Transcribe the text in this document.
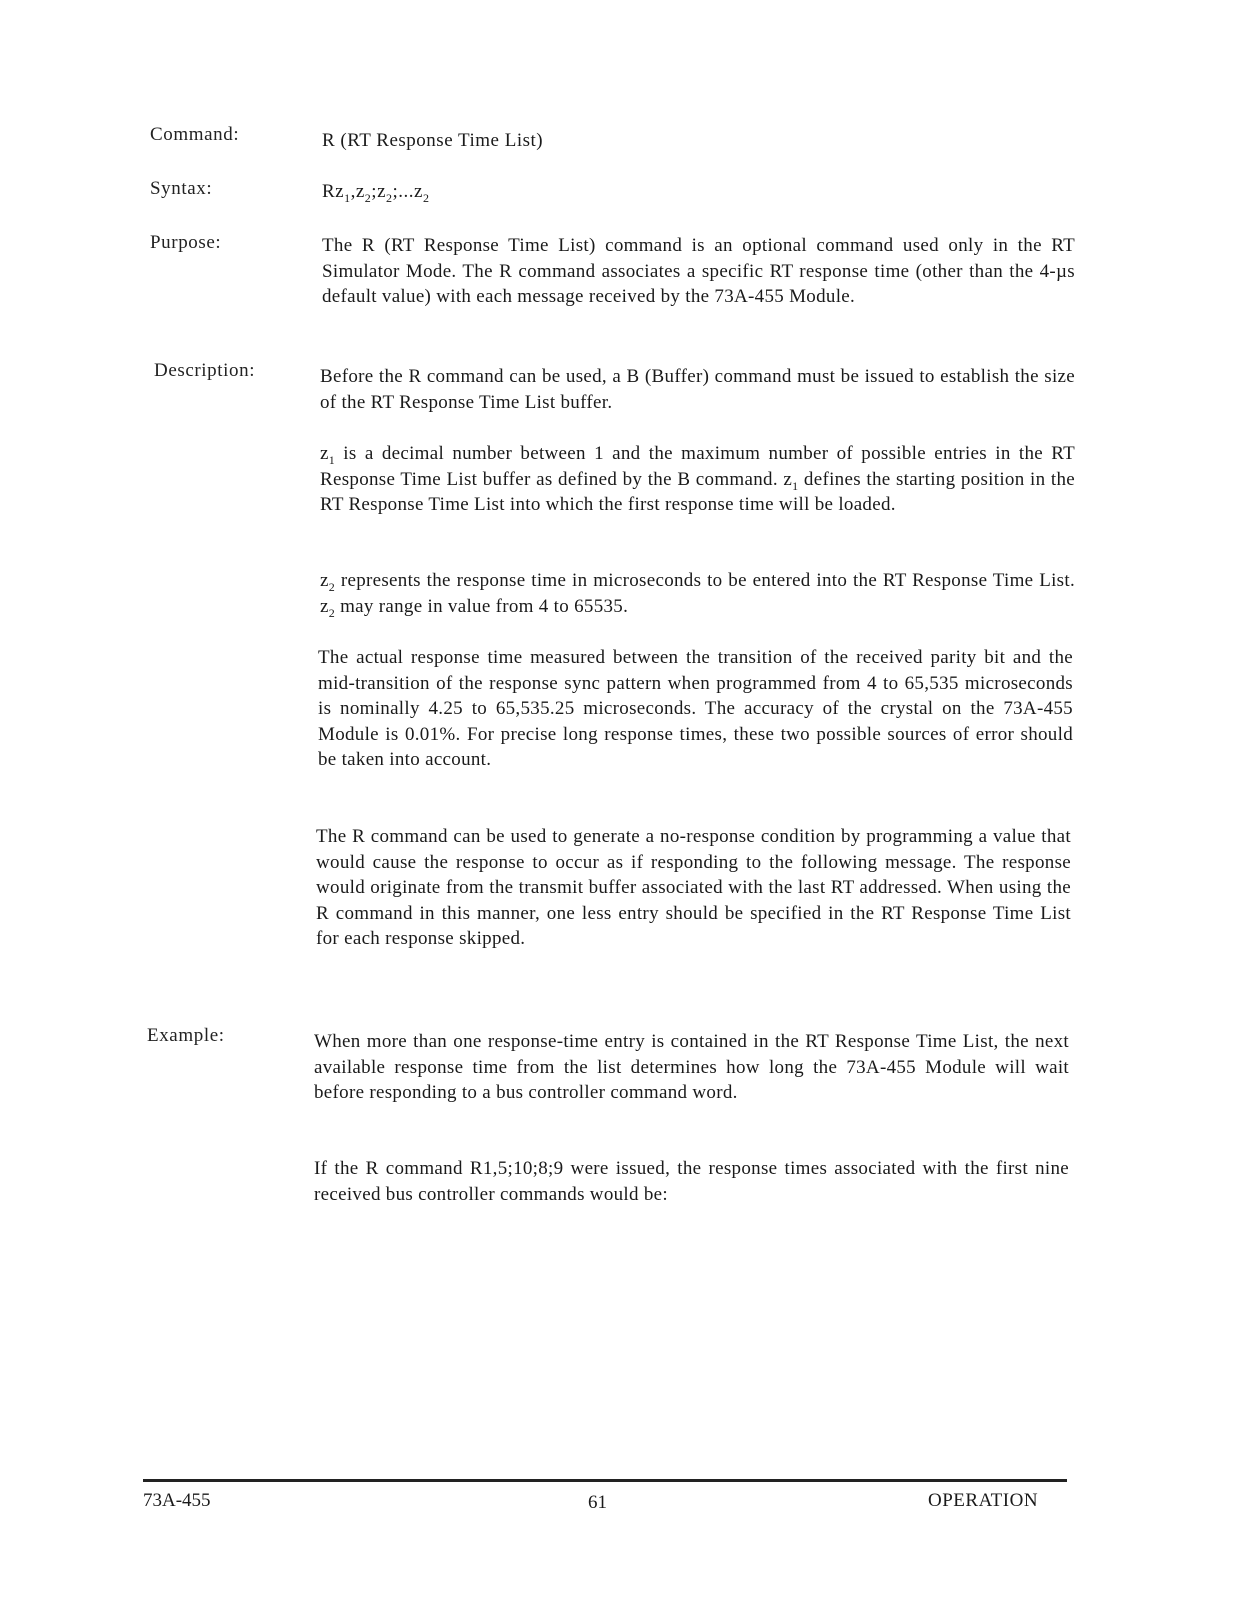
Command:	R (RT Response Time List)
Syntax:	$Rz_1,z_2;z_2;...z_2$
Purpose:	The R (RT Response Time List) command is an optional command used only in the RT Simulator Mode. The R command associates a specific RT response time (other than the 4-µs default value) with each message received by the 73A-455 Module.
Description:	Before the R command can be used, a B (Buffer) command must be issued to establish the size of the RT Response Time List buffer.
$z_1$ is a decimal number between 1 and the maximum number of possible entries in the RT Response Time List buffer as defined by the B command. $z_1$ defines the starting position in the RT Response Time List into which the first response time will be loaded.
$z_2$ represents the response time in microseconds to be entered into the RT Response Time List. $z_2$ may range in value from 4 to 65535.
The actual response time measured between the transition of the received parity bit and the mid-transition of the response sync pattern when programmed from 4 to 65,535 microseconds is nominally 4.25 to 65,535.25 microseconds. The accuracy of the crystal on the 73A-455 Module is 0.01%. For precise long response times, these two possible sources of error should be taken into account.
The R command can be used to generate a no-response condition by programming a value that would cause the response to occur as if responding to the following message. The response would originate from the transmit buffer associated with the last RT addressed. When using the R command in this manner, one less entry should be specified in the RT Response Time List for each response skipped.
Example:	When more than one response-time entry is contained in the RT Response Time List, the next available response time from the list determines how long the 73A-455 Module will wait before responding to a bus controller command word.
If the R command R1,5;10;8;9 were issued, the response times associated with the first nine received bus controller commands would be:
73A-455	61	OPERATION
